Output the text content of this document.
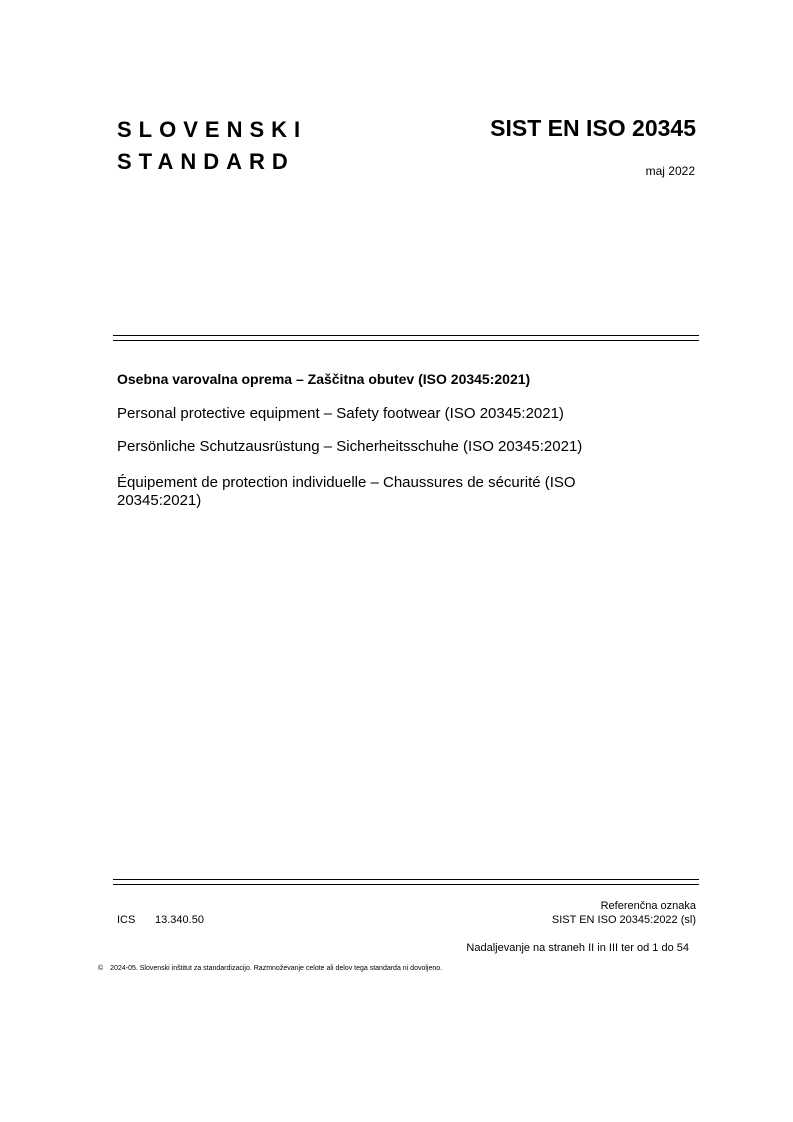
SLOVENSKI
STANDARD
SIST EN ISO 20345
maj 2022

Osebna varovalna oprema – Zaščitna obutev (ISO 20345:2021)

Personal protective equipment – Safety footwear (ISO 20345:2021)

Persönliche Schutzausrüstung – Sicherheitsschuhe (ISO 20345:2021)

Équipement de protection individuelle – Chaussures de sécurité (ISO
20345:2021)

Referenčna oznaka
SIST EN ISO 20345:2022 (sl)
ICS 13.340.50
Nadaljevanje na straneh II in III ter od 1 do 54
© 2024-05. Slovenski inštitut za standardizacijo. Razmnoževanje celote ali delov tega standarda ni dovoljeno.
